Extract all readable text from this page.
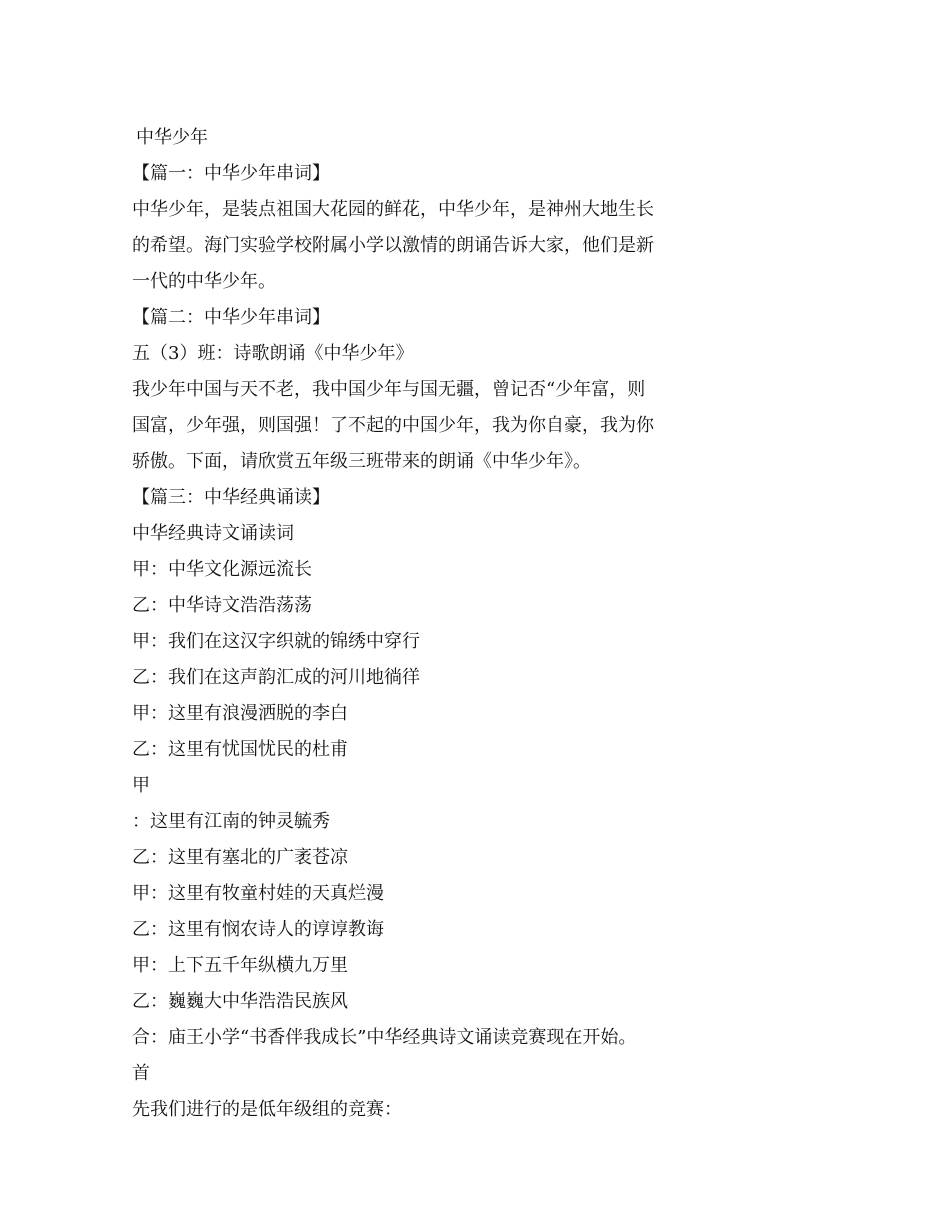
中华少年
【篇一：中华少年串词】
中华少年，是装点祖国大花园的鲜花，中华少年，是神州大地生长
的希望。海门实验学校附属小学以激情的朗诵告诉大家，他们是新
一代的中华少年。
【篇二：中华少年串词】
五（3）班：诗歌朗诵《中华少年》
我少年中国与天不老，我中国少年与国无疆，曾记否“少年富，则
国富，少年强，则国强！了不起的中国少年，我为你自豪，我为你
骄傲。下面，请欣赏五年级三班带来的朗诵《中华少年》。
【篇三：中华经典诵读】
中华经典诗文诵读词
甲：中华文化源远流长
乙：中华诗文浩浩荡荡
甲：我们在这汉字织就的锦绣中穿行
乙：我们在这声韵汇成的河川地徜徉
甲：这里有浪漫洒脱的李白
乙：这里有忧国忧民的杜甫
甲
：这里有江南的钟灵毓秀
乙：这里有塞北的广袤苍凉
甲：这里有牧童村娃的天真烂漫
乙：这里有悯农诗人的谆谆教诲
甲：上下五千年纵横九万里
乙：巍巍大中华浩浩民族风
合：庙王小学“书香伴我成长”中华经典诗文诵读竞赛现在开始。
首
先我们进行的是低年级组的竞赛：
